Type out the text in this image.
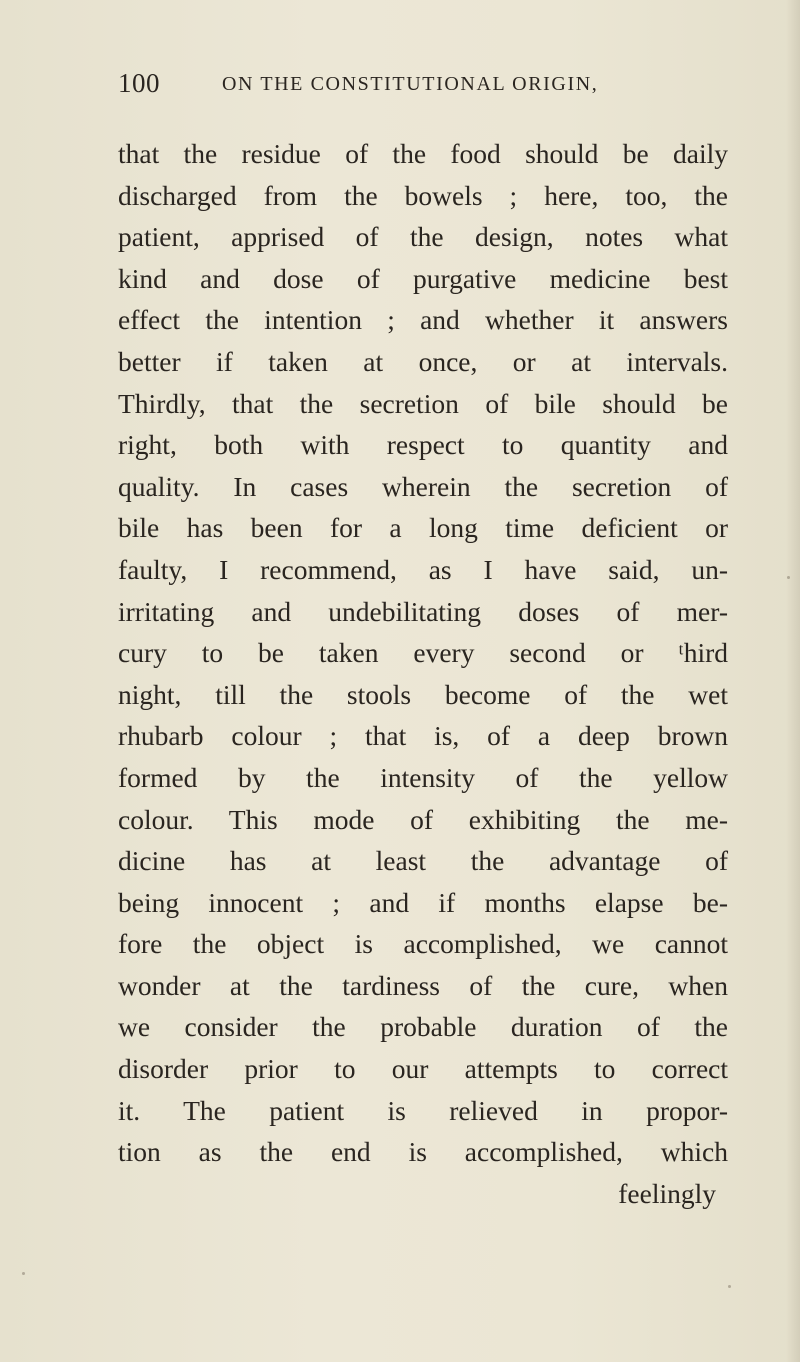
100	ON THE CONSTITUTIONAL ORIGIN,
that the residue of the food should be daily
discharged from the bowels ; here, too, the
patient, apprised of the design, notes what
kind and dose of purgative medicine best
effect the intention ; and whether it answers
better if taken at once, or at intervals.
Thirdly, that the secretion of bile should be
right, both with respect to quantity and
quality. In cases wherein the secretion of
bile has been for a long time deficient or
faulty, I recommend, as I have said, un-
irritating and undebilitating doses of mer-
cury to be taken every second or ᵗhird
night, till the stools become of the wet
rhubarb colour ; that is, of a deep brown
formed by the intensity of the yellow
colour. This mode of exhibiting the me-
dicine has at least the advantage of
being innocent ; and if months elapse be-
fore the object is accomplished, we cannot
wonder at the tardiness of the cure, when
we consider the probable duration of the
disorder prior to our attempts to correct
it. The patient is relieved in propor-
tion as the end is accomplished, which
feelingly
